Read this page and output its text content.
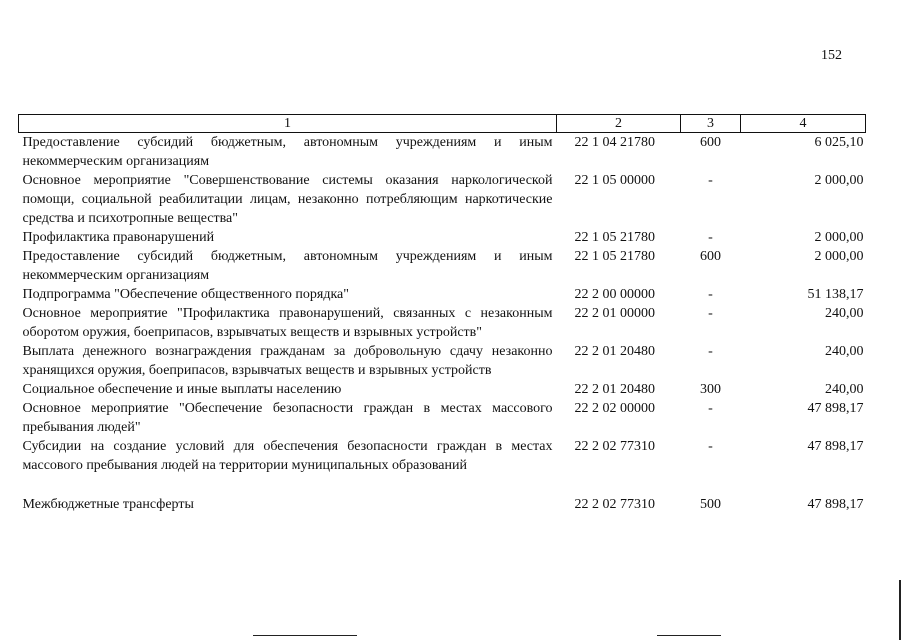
152
1	2	3	4
Предоставление субсидий бюджетным, автономным учреждениям и иным некоммерческим организациям	22 1 04 21780	600	6 025,10
Основное мероприятие "Совершенствование системы оказания наркологической помощи, социальной реабилитации лицам, незаконно потребляющим наркотические средства и психотропные вещества"	22 1 05 00000	-	2 000,00
Профилактика правонарушений	22 1 05 21780	-	2 000,00
Предоставление субсидий бюджетным, автономным учреждениям и иным некоммерческим организациям	22 1 05 21780	600	2 000,00
Подпрограмма "Обеспечение общественного порядка"	22 2 00 00000	-	51 138,17
Основное мероприятие "Профилактика правонарушений, связанных с незаконным оборотом оружия, боеприпасов, взрывчатых веществ и взрывных устройств"	22 2 01 00000	-	240,00
Выплата денежного вознаграждения гражданам за добровольную сдачу незаконно хранящихся оружия, боеприпасов, взрывчатых веществ и взрывных устройств	22 2 01 20480	-	240,00
Социальное обеспечение и иные выплаты населению	22 2 01 20480	300	240,00
Основное мероприятие "Обеспечение безопасности граждан в местах массового пребывания людей"	22 2 02 00000	-	47 898,17
Субсидии на создание условий для обеспечения безопасности граждан в местах массового пребывания людей на территории муниципальных образований	22 2 02 77310	-	47 898,17

Межбюджетные трансферты	22 2 02 77310	500	47 898,17
